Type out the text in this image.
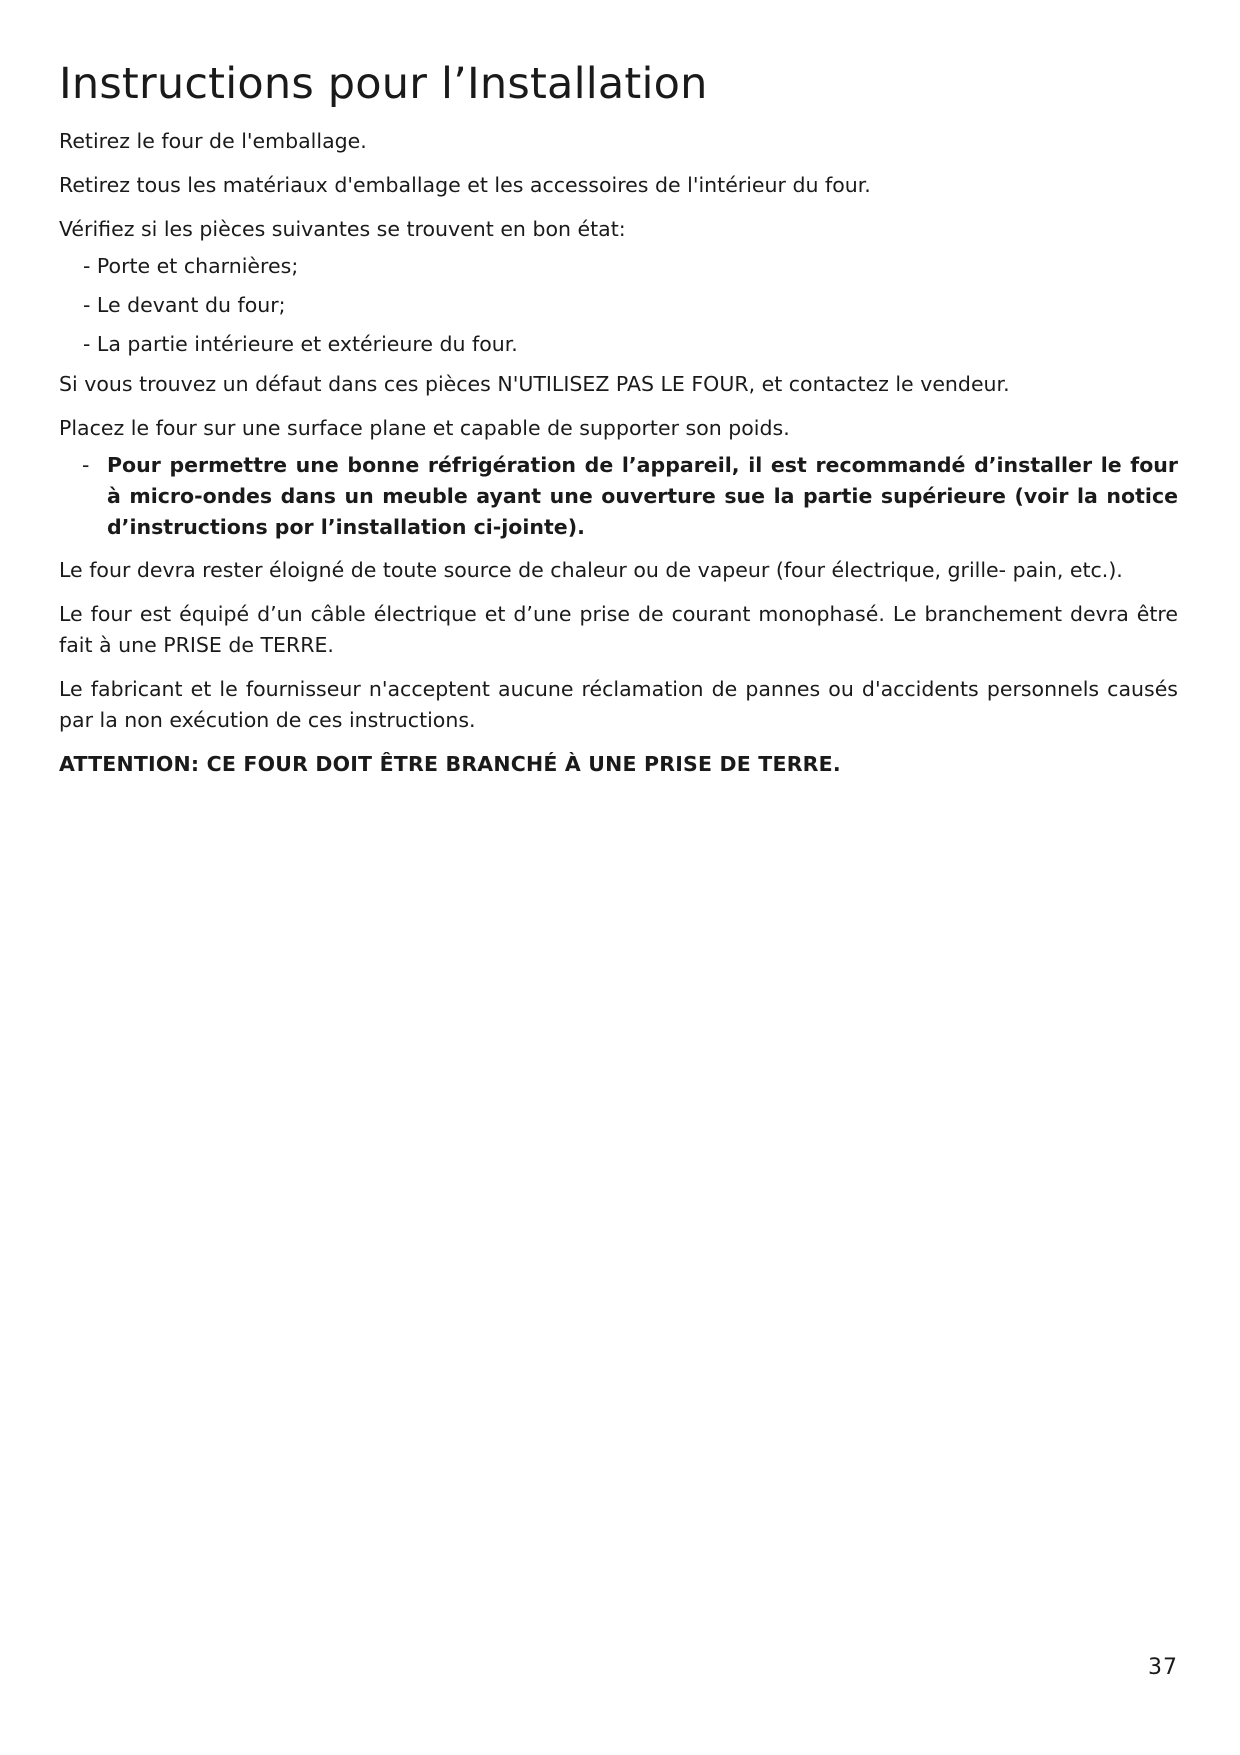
Instructions pour l’Installation

Retirez le four de l'emballage.

Retirez tous les matériaux d'emballage et les accessoires de l'intérieur du four.

Vérifiez si les pièces suivantes se trouvent en bon état:

- Porte et charnières;
- Le devant du four;
- La partie intérieure et extérieure du four.

Si vous trouvez un défaut dans ces pièces N'UTILISEZ PAS LE FOUR, et contactez le vendeur.

Placez le four sur une surface plane et capable de supporter son poids.

- Pour permettre une bonne réfrigération de l’appareil, il est recommandé d’installer le four à micro-ondes dans un meuble ayant une ouverture sue la partie supérieure (voir la notice d’instructions por l’installation ci-jointe).

Le four devra rester éloigné de toute source de chaleur ou de vapeur (four électrique, grille- pain, etc.).

Le four est équipé d’un câble électrique et d’une prise de courant monophasé. Le branchement devra être fait à une PRISE de TERRE.

Le fabricant et le fournisseur n'acceptent aucune réclamation de pannes ou d'accidents personnels causés par la non exécution de ces instructions.

ATTENTION: CE FOUR DOIT ÊTRE BRANCHÉ À UNE PRISE DE TERRE.

37
